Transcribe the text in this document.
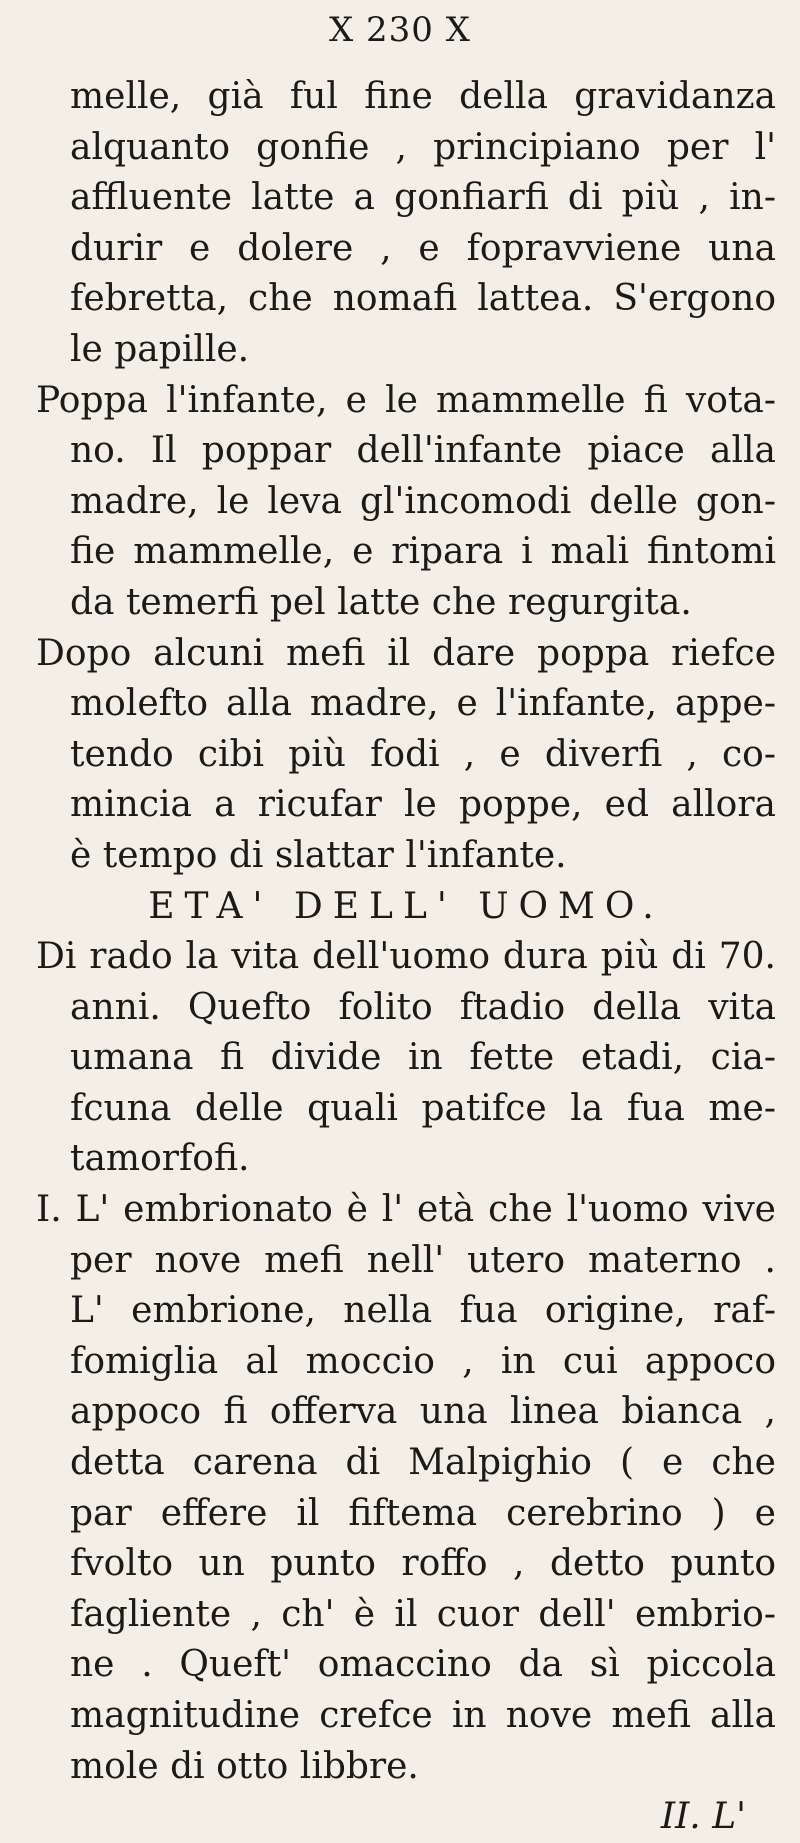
X 230 X
melle, già ful fine della gravidanza
alquanto gonfie , principiano per l'
affluente latte a gonfiarfi di più , in-
durir e dolere , e fopravviene una
febretta, che nomafi lattea. S'ergono
le papille.
Poppa l'infante, e le mammelle fi vota-
no. Il poppar dell'infante piace alla
madre, le leva gl'incomodi delle gon-
fie mammelle, e ripara i mali fintomi
da temerfi pel latte che regurgita.
Dopo alcuni mefi il dare poppa riefce
molefto alla madre, e l'infante, appe-
tendo cibi più fodi , e diverfi , co-
mincia a ricufar le poppe, ed allora
è tempo di slattar l'infante.
ETA' DELL' UOMO.
Di rado la vita dell'uomo dura più di 70.
anni. Quefto folito ftadio della vita
umana fi divide in fette etadi, cia-
fcuna delle quali patifce la fua me-
tamorfofi.
I. L' embrionato è l' età che l'uomo vive
per nove mefi nell' utero materno .
L' embrione, nella fua origine, raf-
fomiglia al moccio , in cui appoco
appoco fi offerva una linea bianca ,
detta carena di Malpighio ( e che
par effere il fiftema cerebrino ) e
fvolto un punto roffo , detto punto
fagliente , ch' è il cuor dell' embrio-
ne . Queft' omaccino da sì piccola
magnitudine crefce in nove mefi alla
mole di otto libbre.
II. L'
